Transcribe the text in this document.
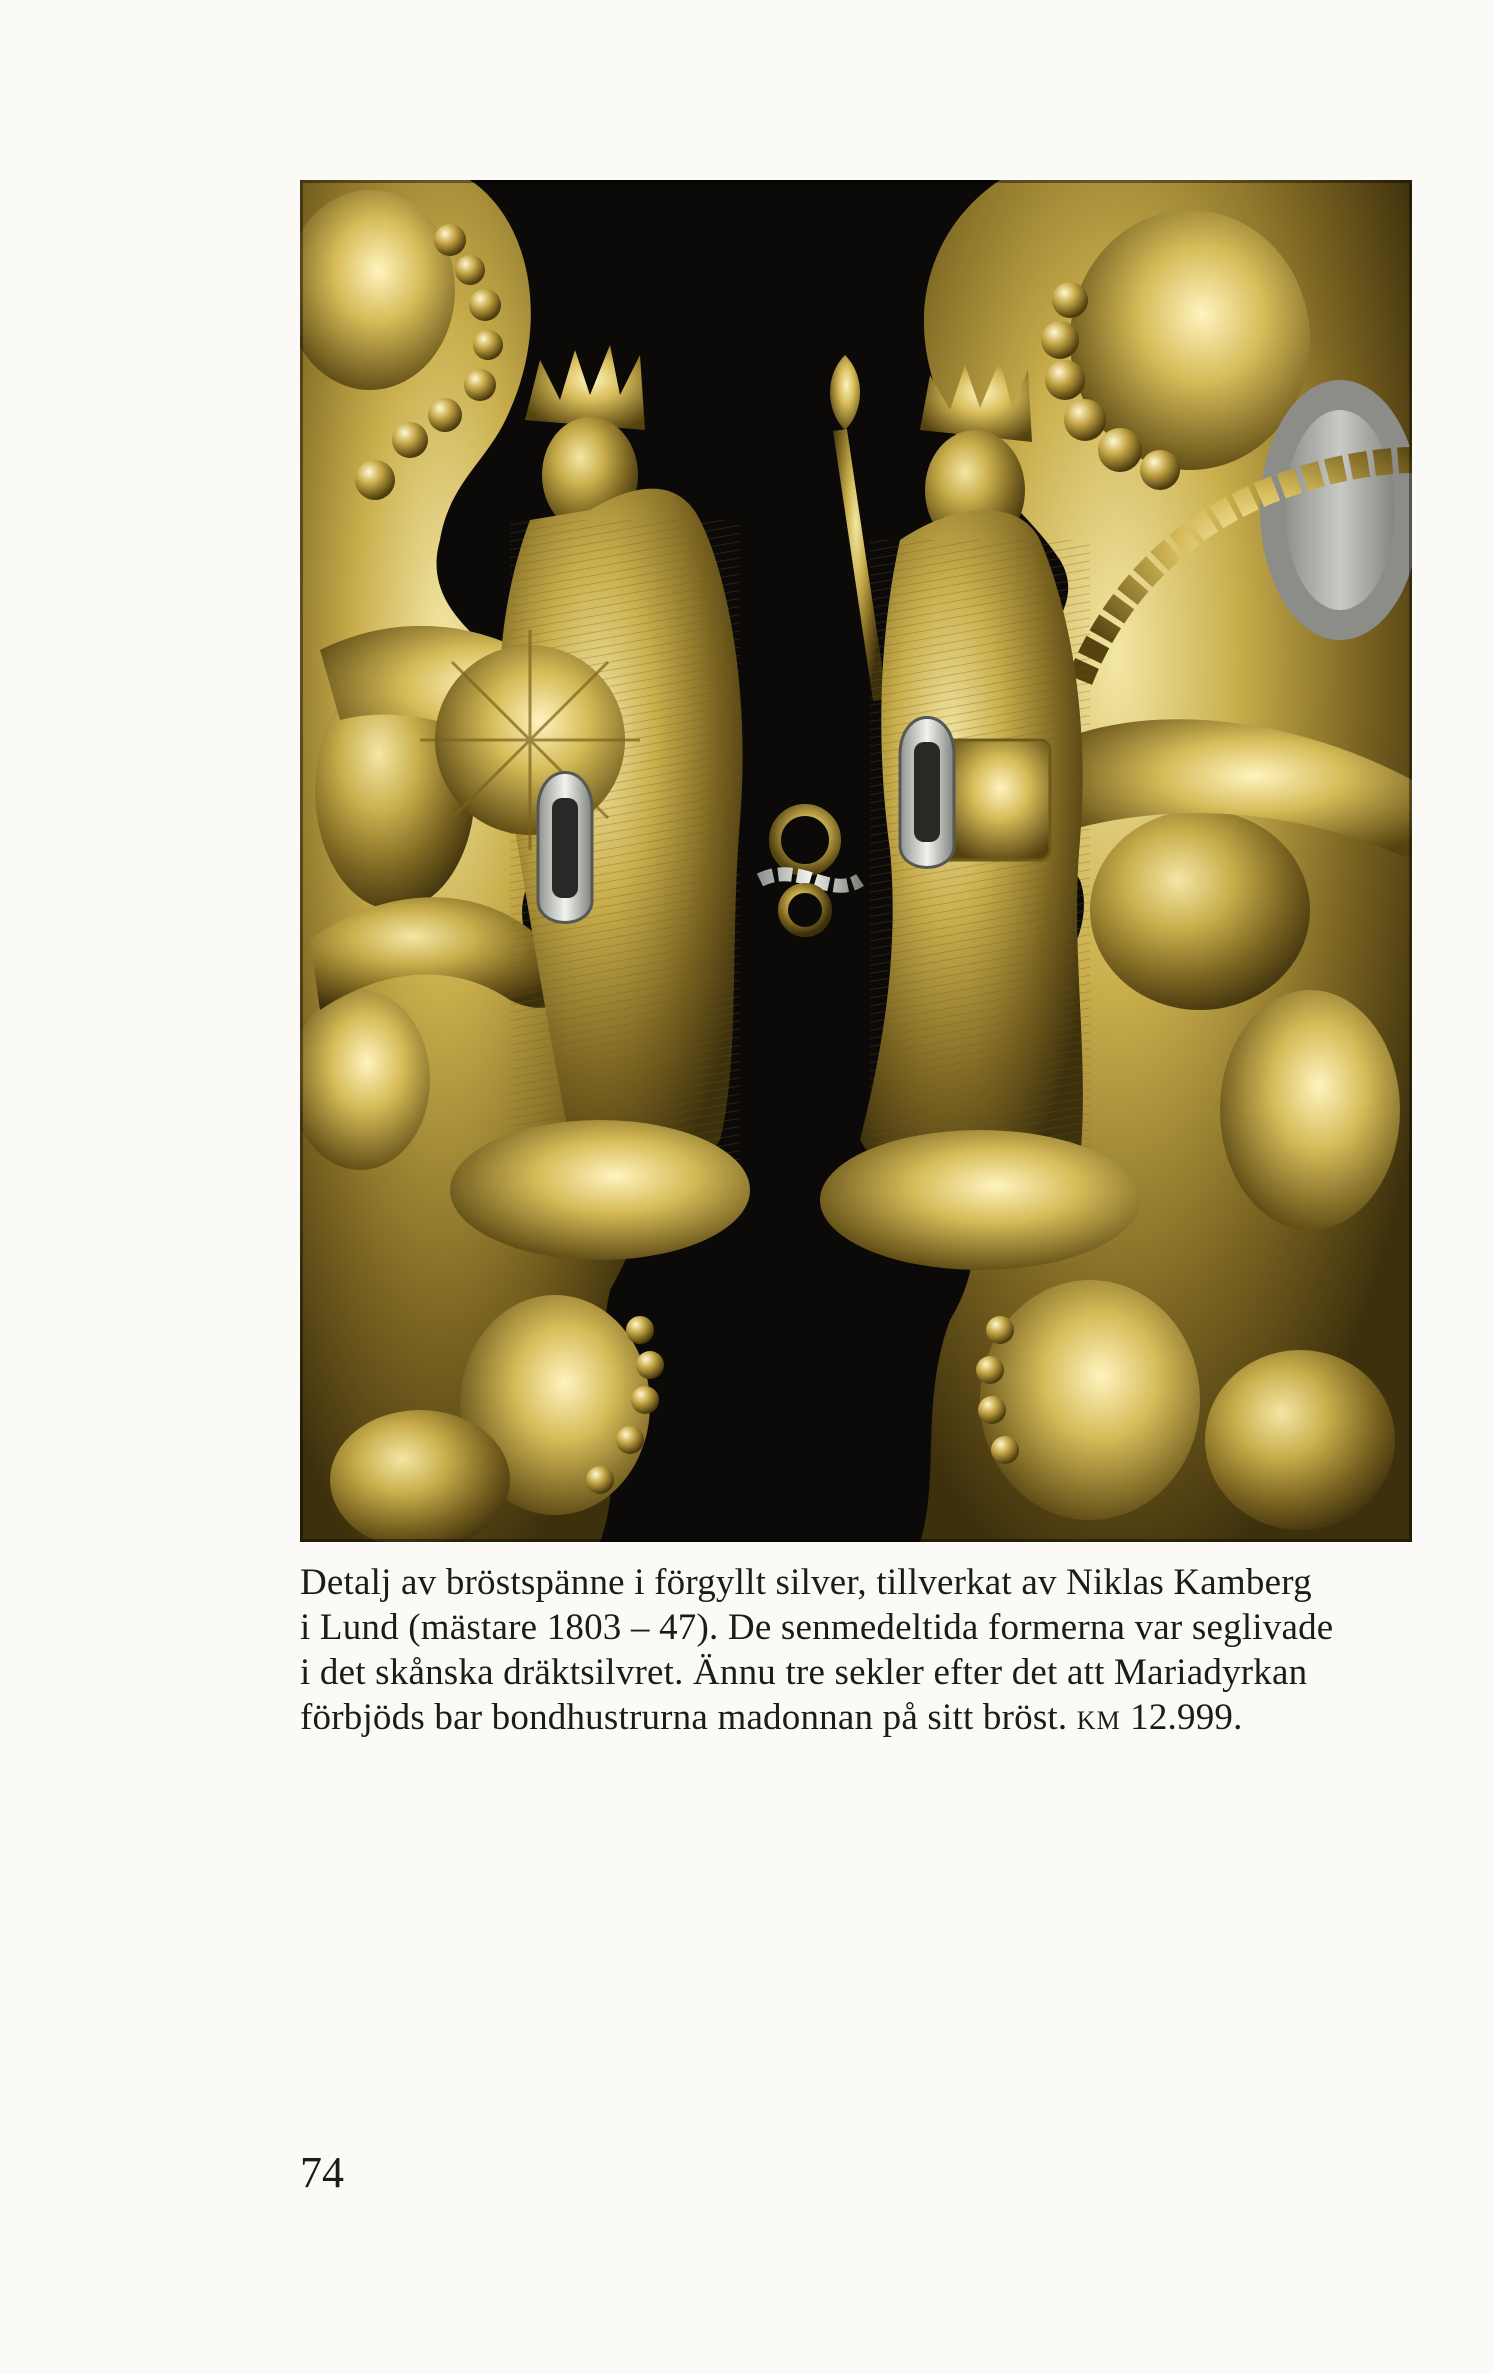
Detalj av bröstspänne i förgyllt silver, tillverkat av Niklas Kamberg
i Lund (mästare 1803 – 47). De senmedeltida formerna var seglivade
i det skånska dräktsilvret. Ännu tre sekler efter det att Mariadyrkan
förbjöds bar bondhustrurna madonnan på sitt bröst. km 12.999.
74
